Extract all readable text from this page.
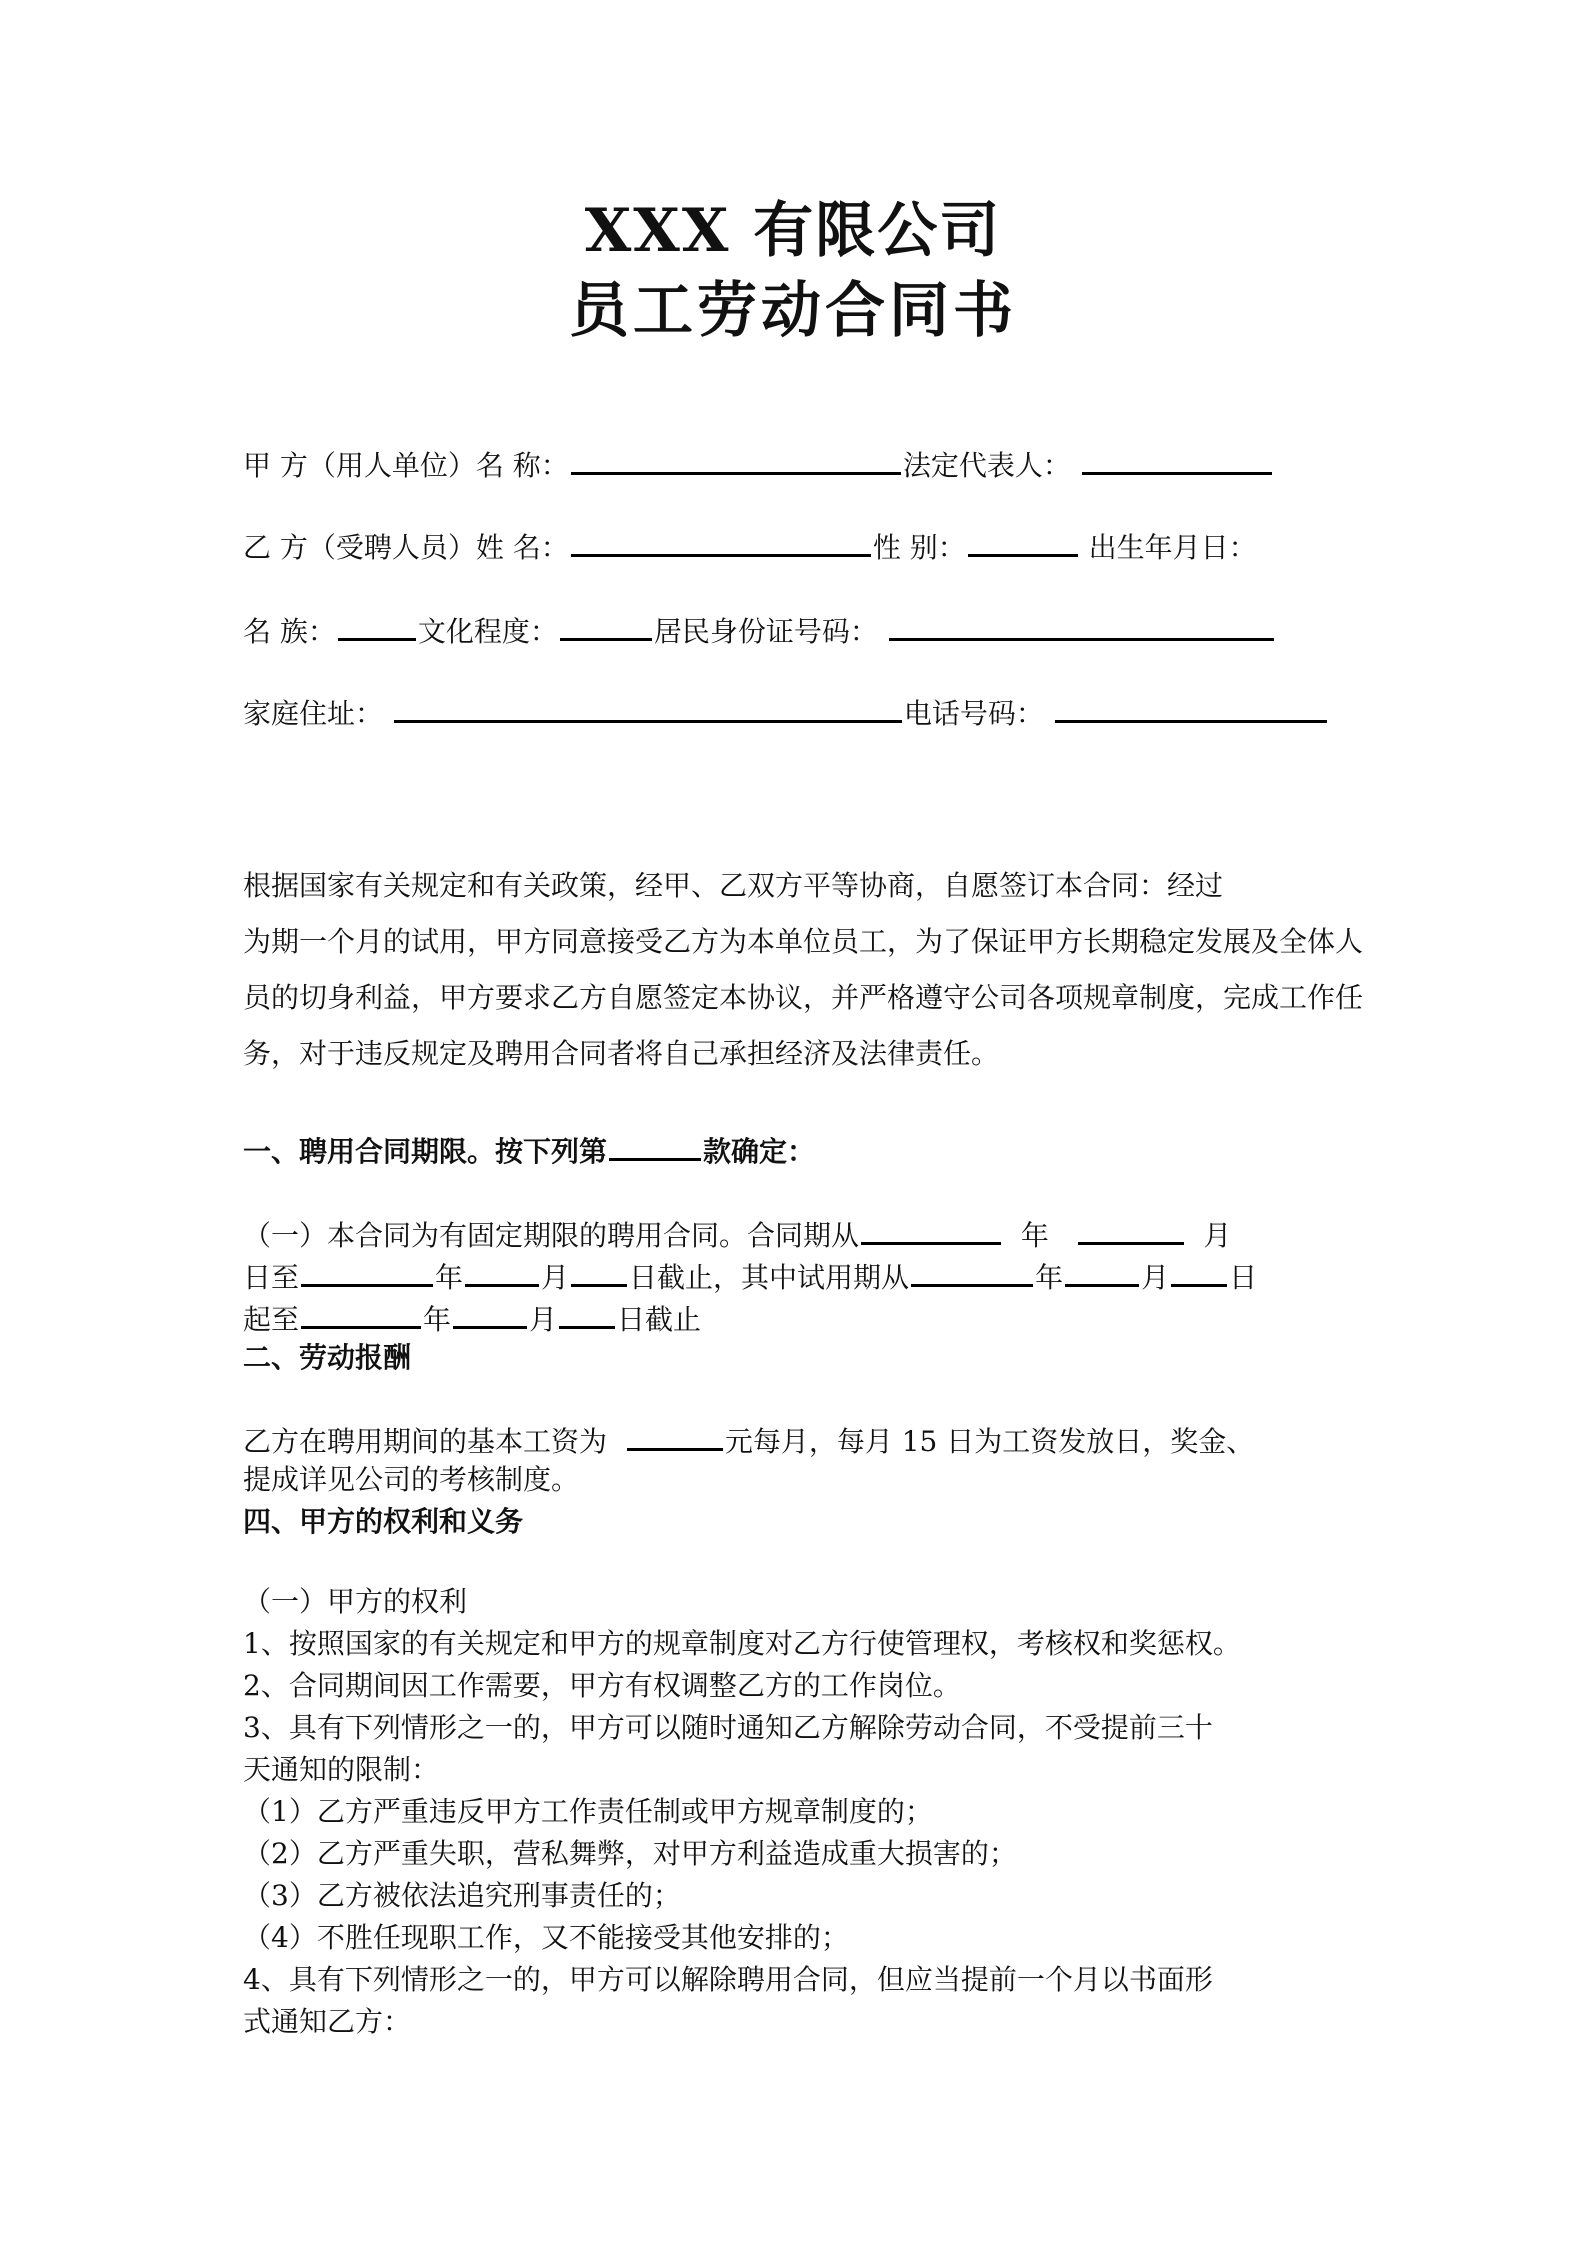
XXX 有限公司
员工劳动合同书
甲 方（用人单位）名 称：	法定代表人：
乙 方（受聘人员）姓 名：	性 别：	出生年月日：
名 族：	文化程度：	居民身份证号码：
家庭住址：	电话号码：

根据国家有关规定和有关政策，经甲、乙双方平等协商，自愿签订本合同：经过

为期一个月的试用，甲方同意接受乙方为本单位员工，为了保证甲方长期稳定发展及全体人

员的切身利益，甲方要求乙方自愿签定本协议，并严格遵守公司各项规章制度，完成工作任

务，对于违反规定及聘用合同者将自己承担经济及法律责任。

一、聘用合同期限。按下列第	款确定：
（一）本合同为有固定期限的聘用合同。合同期从	年	月
日至	年	月 日截止，其中试用期从	年	月 日
起至	年	月 日截止
二、劳动报酬
乙方在聘用期间的基本工资为	元每月，每月 15 日为工资发放日，奖金、
提成详见公司的考核制度。
四、甲方的权利和义务
（一）甲方的权利
1、按照国家的有关规定和甲方的规章制度对乙方行使管理权，考核权和奖惩权。
2、合同期间因工作需要，甲方有权调整乙方的工作岗位。
3、具有下列情形之一的，甲方可以随时通知乙方解除劳动合同，不受提前三十
天通知的限制：
（1）乙方严重违反甲方工作责任制或甲方规章制度的；
（2）乙方严重失职，营私舞弊，对甲方利益造成重大损害的；
（3）乙方被依法追究刑事责任的；
（4）不胜任现职工作，又不能接受其他安排的；
4、具有下列情形之一的，甲方可以解除聘用合同，但应当提前一个月以书面形
式通知乙方：
